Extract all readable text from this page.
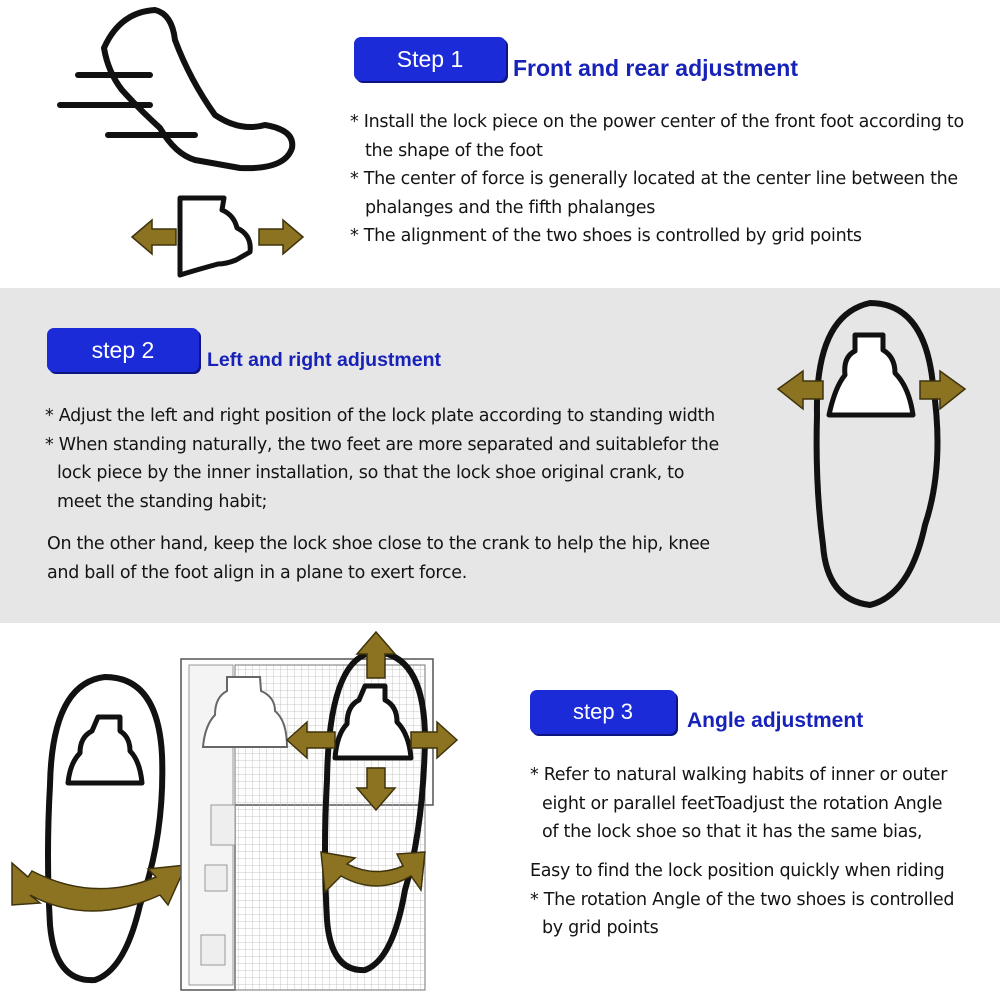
Step 1	Front and rear adjustment

* Install the lock piece on the power center of the front foot according to

the shape of the foot

* The center of force is generally located at the center line between the

phalanges and the fifth phalanges

* The alignment of the two shoes is controlled by grid points

step 2	Left and right adjustment

* Adjust the left and right position of the lock plate according to standing width

* When standing naturally, the two feet are more separated and suitablefor the

lock piece by the inner installation, so that the lock shoe original crank, to

meet the standing habit;

On the other hand, keep the lock shoe close to the crank to help the hip, knee

and ball of the foot align in a plane to exert force.

step 3	Angle adjustment

* Refer to natural walking habits of inner or outer

eight or parallel feetToadjust the rotation Angle

of the lock shoe so that it has the same bias,

Easy to find the lock position quickly when riding

* The rotation Angle of the two shoes is controlled

by grid points
